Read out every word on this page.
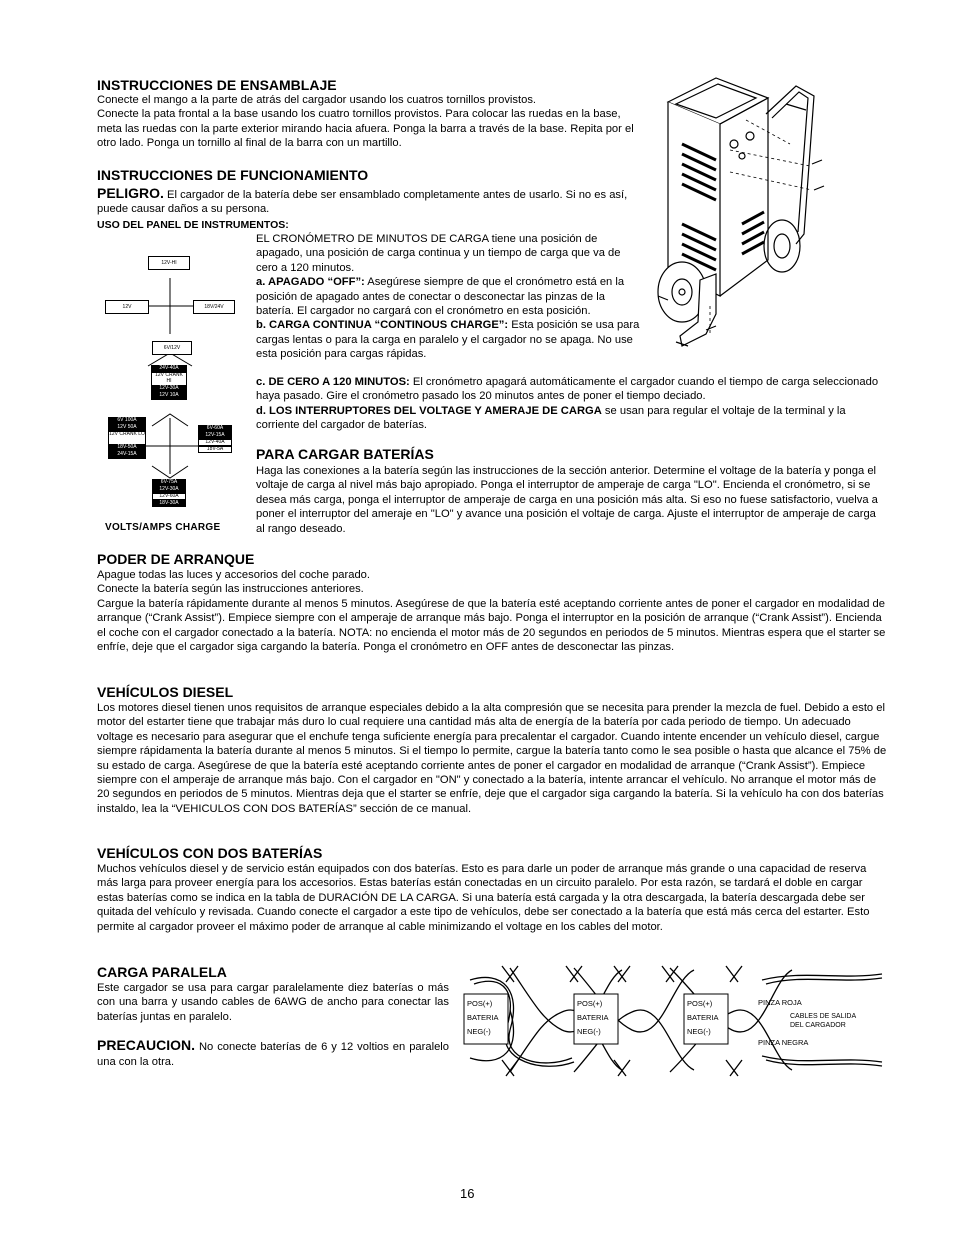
INSTRUCCIONES DE ENSAMBLAJE

Conecte el mango a la parte de atrás del cargador usando los cuatros tornillos provistos.

Conecte la pata frontal a la base usando los cuatro tornillos provistos. Para colocar las ruedas en la base, meta las ruedas con la parte exterior mirando hacia afuera. Ponga la barra a través de la base. Repita por el otro lado. Ponga un tornillo al final de la barra con un martillo.

INSTRUCCIONES DE FUNCIONAMIENTO

PELIGRO. El cargador de la batería debe ser ensamblado completamente antes de usarlo. Si no es así, puede causar daños a su persona.

USO DEL PANEL DE INSTRUMENTOS:

EL CRONÓMETRO DE MINUTOS DE CARGA tiene una posición de apagado, una posición de carga continua y un tiempo de carga que va de cero a 120 minutos.

a. APAGADO “OFF”: Asegúrese siempre de que el cronómetro está en la posición de apagado antes de conectar o desconectar las pinzas de la batería. El cargador no cargará con el cronómetro en esta posición.

b. CARGA CONTINUA “CONTINOUS CHARGE”: Esta posición se usa para cargas lentas o para la carga en paralelo y el cargador no se apaga. No use esta posición para cargas rápidas.

c. DE CERO A 120 MINUTOS: El cronómetro apagará automáticamente el cargador cuando el tiempo de carga seleccionado haya pasado. Gire el cronómetro pasado los 20 minutos antes de poner el tiempo deciado.

d. LOS INTERRUPTORES DEL VOLTAGE Y AMERAJE DE CARGA se usan para regular el voltaje de la terminal y la corriente del cargador de baterías.

12V-HI
12V	18V/24V
6V/12V
24V-40A
12V CRANK HI
12V-30A
12V 10A
6V 100A
12V 50A
12V CRANK LO
18V-50A
24V-15A
6V-60A
12V-15A
12V-40A
18V-5A
6V-75A
12V-30A
12V-60A
18V-30A
VOLTS/AMPS CHARGE
PARA CARGAR BATERÍAS

Haga las conexiones a la batería según las instrucciones de la sección anterior. Determine el voltage de la batería y ponga el voltaje de carga al nivel más bajo apropiado. Ponga el interruptor de amperaje de carga "LO". Encienda el cronómetro, si se desea más carga, ponga el interruptor de amperaje de carga en una posición más alta. Si eso no fuese satisfactorio, vuelva a poner el interruptor del ameraje en "LO" y avance una posición el voltaje de carga. Ajuste el interruptor de amperaje de carga al rango deseado.

PODER DE ARRANQUE

Apague todas las luces y accesorios del coche parado.

Conecte la batería según las instrucciones anteriores.

Cargue la batería rápidamente durante al menos 5 minutos. Asegúrese de que la batería esté aceptando corriente antes de poner el cargador en modalidad de arranque (“Crank Assist”). Empiece siempre con el amperaje de arranque más bajo. Ponga el interruptor en la posición de arranque (“Crank Assist”). Encienda el coche con el cargador conectado a la batería. NOTA: no encienda el motor más de 20 segundos en periodos de 5 minutos. Mientras espera que el starter se enfríe, deje que el cargador siga cargando la batería. Ponga el cronómetro en OFF antes de desconectar las pinzas.

VEHÍCULOS DIESEL

Los motores diesel tienen unos requisitos de arranque especiales debido a la alta compresión que se necesita para prender la mezcla de fuel. Debido a esto el motor del estarter tiene que trabajar más duro lo cual requiere una cantidad más alta de energía de la batería por cada periodo de tiempo. Un adecuado voltage es necesario para asegurar que el enchufe tenga suficiente energía para precalentar el cargador. Cuando intente encender un vehículo diesel, cargue siempre rápidamenta la batería durante al menos 5 minutos. Si el tiempo lo permite, cargue la batería tanto como le sea posible o hasta que alcance el 75% de su estado de carga. Asegúrese de que la batería esté aceptando corriente antes de poner el cargador en modalidad de arranque (“Crank Assist”). Empiece siempre con el amperaje de arranque más bajo. Con el cargador en "ON" y conectado a la batería, intente arrancar el vehículo. No arranque el motor más de 20 segundos en periodos de 5 minutos. Mientras deja que el starter se enfríe, deje que el cargador siga cargando la batería. Si la vehículo ha con dos baterías instaldo, lea la “VEHICULOS CON DOS BATERÍAS” sección de ce manual.

VEHÍCULOS CON DOS BATERÍAS

Muchos vehículos diesel y de servicio están equipados con dos baterías. Esto es para darle un poder de arranque más grande o una capacidad de reserva más larga para proveer energía para los accesorios. Estas baterías están conectadas en un circuito paralelo. Por esta razón, se tardará el doble en cargar estas baterías como se indica en la tabla de DURACIÓN DE LA CARGA. Si una batería está cargada y la otra descargada, la batería descargada debe ser quitada del vehículo y revisada. Cuando conecte el cargador a este tipo de vehículos, debe ser conectado a la batería que está más cerca del estarter. Esto permite al cargador proveer el máximo poder de arranque al cable minimizando el voltage en los cables del motor.

CARGA PARALELA

Este cargador se usa para cargar paralelamente diez baterías o más con una barra y usando cables de 6AWG de ancho para conectar las baterías juntas en paralelo.

PRECAUCION. No conecte baterías de 6 y 12 voltios en paralelo una con la otra.

POS(+)
BATERIA
NEG(-)
POS(+)
BATERIA
NEG(-)
POS(+)
BATERIA
NEG(-)
PINZA ROJA
CABLES DE SALIDA
DEL CARGADOR
PINZA NEGRA
16
